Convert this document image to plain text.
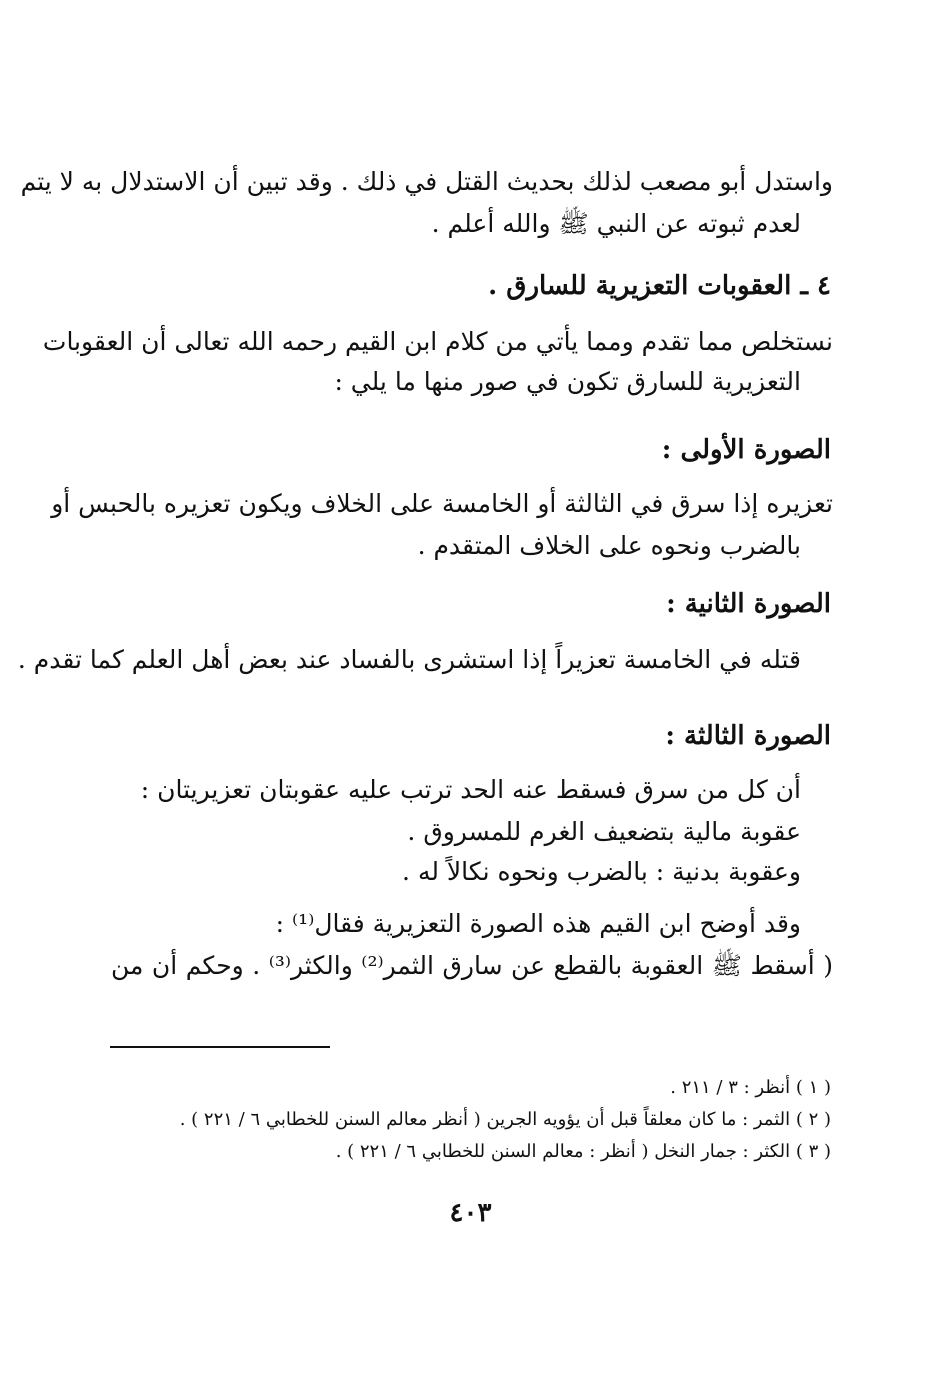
واستدل أبو مصعب لذلك بحديث القتل في ذلك . وقد تبين أن الاستدلال به لا يتم
لعدم ثبوته عن النبي ﷺ والله أعلم .
٤ ـ العقوبات التعزيرية للسارق .
نستخلص مما تقدم ومما يأتي من كلام ابن القيم رحمه الله تعالى أن العقوبات
التعزيرية للسارق تكون في صور منها ما يلي :
الصورة الأولى :
تعزيره إذا سرق في الثالثة أو الخامسة على الخلاف ويكون تعزيره بالحبس أو
بالضرب ونحوه على الخلاف المتقدم .
الصورة الثانية :
قتله في الخامسة تعزيراً إذا استشرى بالفساد عند بعض أهل العلم كما تقدم .
الصورة الثالثة :
أن كل من سرق فسقط عنه الحد ترتب عليه عقوبتان تعزيريتان :
عقوبة مالية بتضعيف الغرم للمسروق .
وعقوبة بدنية : بالضرب ونحوه نكالاً له .
وقد أوضح ابن القيم هذه الصورة التعزيرية فقال⁽¹⁾ :
( أسقط ﷺ العقوبة بالقطع عن سارق الثمر⁽²⁾ والكثر⁽³⁾ . وحكم أن من
( ١ ) أنظر : ٣ / ٢١١ .
( ٢ ) الثمر : ما كان معلقاً قبل أن يؤويه الجرين ( أنظر معالم السنن للخطابي ٦ / ٢٢١ ) .
( ٣ ) الكثر : جمار النخل ( أنظر : معالم السنن للخطابي ٦ / ٢٢١ ) .
٤٠٣
